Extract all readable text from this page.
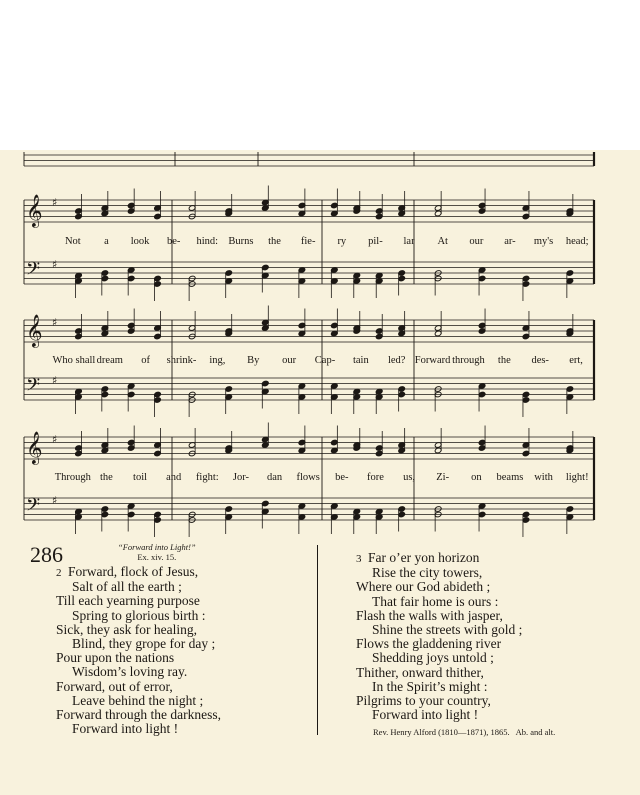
𝄞 ♯
𝄢 ♯
Not a look be- hind: Burns the fie- ry pil- lar At our ar- my's head;
𝄞 ♯
𝄢 ♯
Who shall dream of shrink- ing, By our Cap- tain led? Forward through the des- ert,
𝄞 ♯
𝄢 ♯
Through the toil and fight: Jor- dan flows be- fore us, Zi- on beams with light!
286	“Forward into Light!”
Ex. xiv. 15.
2 Forward, flock of Jesus,
Salt of all the earth ;
Till each yearning purpose
Spring to glorious birth :
Sick, they ask for healing,
Blind, they grope for day ;
Pour upon the nations
Wisdom’s loving ray.
Forward, out of error,
Leave behind the night ;
Forward through the darkness,
Forward into light !
3 Far o’er yon horizon
Rise the city towers,
Where our God abideth ;
That fair home is ours :
Flash the walls with jasper,
Shine the streets with gold ;
Flows the gladdening river
Shedding joys untold ;
Thither, onward thither,
In the Spirit’s might :
Pilgrims to your country,
Forward into light !
Rev. Henry Alford (1810—1871), 1865. Ab. and alt.
